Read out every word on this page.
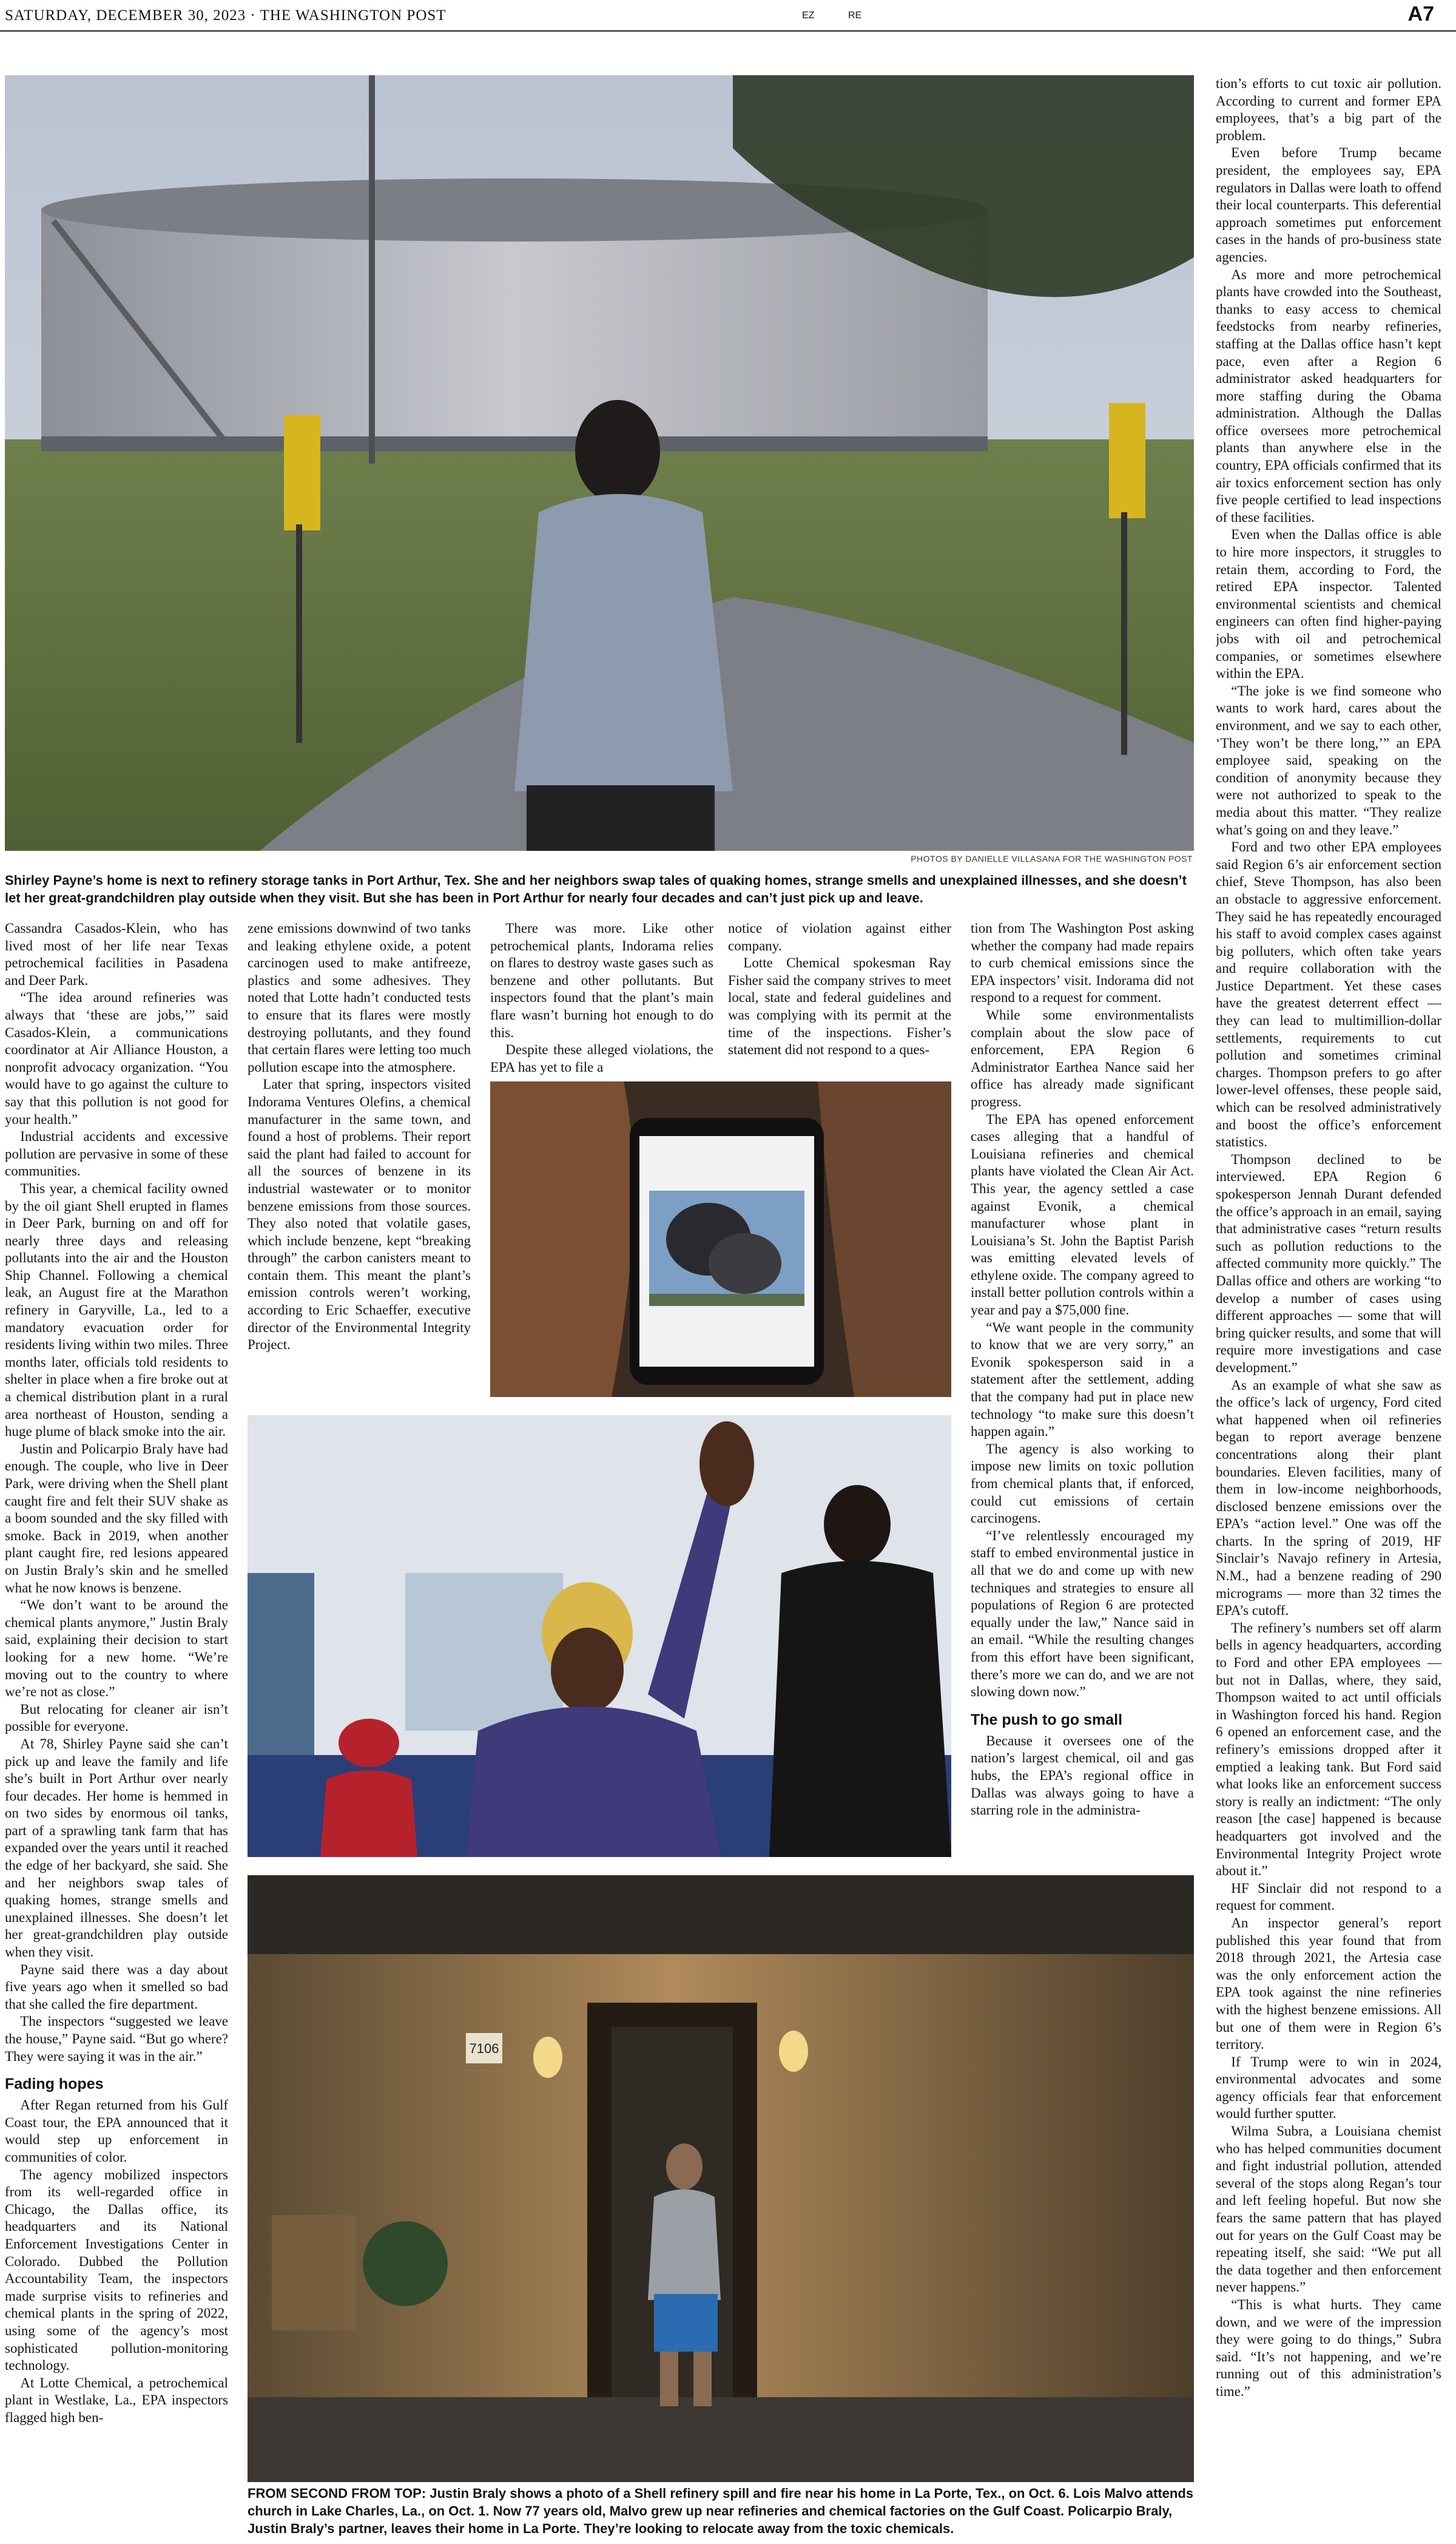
SATURDAY, DECEMBER 30, 2023 · THE WASHINGTON POST	EZ	RE	A7
PHOTOS BY DANIELLE VILLASANA FOR THE WASHINGTON POST
Shirley Payne’s home is next to refinery storage tanks in Port Arthur, Tex. She and her neighbors swap tales of quaking homes, strange smells and unexplained illnesses, and she doesn’t let her great-grandchildren play outside when they visit. But she has been in Port Arthur for nearly four decades and can’t just pick up and leave.
7106
FROM SECOND FROM TOP: Justin Braly shows a photo of a Shell refinery spill and fire near his home in La Porte, Tex., on Oct. 6. Lois Malvo attends church in Lake Charles, La., on Oct. 1. Now 77 years old, Malvo grew up near refineries and chemical factories on the Gulf Coast. Policarpio Braly, Justin Braly’s partner, leaves their home in La Porte. They’re looking to relocate away from the toxic chemicals.

Cassandra Casados-Klein, who has lived most of her life near Texas petrochemical facilities in Pasadena and Deer Park.

“The idea around refineries was always that ‘these are jobs,’” said Casados-Klein, a communications coordinator at Air Alliance Houston, a nonprofit advocacy organization. “You would have to go against the culture to say that this pollution is not good for your health.”

Industrial accidents and excessive pollution are pervasive in some of these communities.

This year, a chemical facility owned by the oil giant Shell erupted in flames in Deer Park, burning on and off for nearly three days and releasing pollutants into the air and the Houston Ship Channel. Following a chemical leak, an August fire at the Marathon refinery in Garyville, La., led to a mandatory evacuation order for residents living within two miles. Three months later, officials told residents to shelter in place when a fire broke out at a chemical distribution plant in a rural area northeast of Houston, sending a huge plume of black smoke into the air.

Justin and Policarpio Braly have had enough. The couple, who live in Deer Park, were driving when the Shell plant caught fire and felt their SUV shake as a boom sounded and the sky filled with smoke. Back in 2019, when another plant caught fire, red lesions appeared on Justin Braly’s skin and he smelled what he now knows is benzene.

“We don’t want to be around the chemical plants anymore,” Justin Braly said, explaining their decision to start looking for a new home. “We’re moving out to the country to where we’re not as close.”

But relocating for cleaner air isn’t possible for everyone.

At 78, Shirley Payne said she can’t pick up and leave the family and life she’s built in Port Arthur over nearly four decades. Her home is hemmed in on two sides by enormous oil tanks, part of a sprawling tank farm that has expanded over the years until it reached the edge of her backyard, she said. She and her neighbors swap tales of quaking homes, strange smells and unexplained illnesses. She doesn’t let her great-grandchildren play outside when they visit.

Payne said there was a day about five years ago when it smelled so bad that she called the fire department.

The inspectors “suggested we leave the house,” Payne said. “But go where? They were saying it was in the air.”

Fading hopes

After Regan returned from his Gulf Coast tour, the EPA announced that it would step up enforcement in communities of color.

The agency mobilized inspectors from its well-regarded office in Chicago, the Dallas office, its headquarters and its National Enforcement Investigations Center in Colorado. Dubbed the Pollution Accountability Team, the inspectors made surprise visits to refineries and chemical plants in the spring of 2022, using some of the agency’s most sophisticated pollution-monitoring technology.

At Lotte Chemical, a petrochemical plant in Westlake, La., EPA inspectors flagged high ben-

zene emissions downwind of two tanks and leaking ethylene oxide, a potent carcinogen used to make antifreeze, plastics and some adhesives. They noted that Lotte hadn’t conducted tests to ensure that its flares were mostly destroying pollutants, and they found that certain flares were letting too much pollution escape into the atmosphere.

Later that spring, inspectors visited Indorama Ventures Olefins, a chemical manufacturer in the same town, and found a host of problems. Their report said the plant had failed to account for all the sources of benzene in its industrial wastewater or to monitor benzene emissions from those sources. They also noted that volatile gases, which include benzene, kept “breaking through” the carbon canisters meant to contain them. This meant the plant’s emission controls weren’t working, according to Eric Schaeffer, executive director of the Environmental Integrity Project.

There was more. Like other petrochemical plants, Indorama relies on flares to destroy waste gases such as benzene and other pollutants. But inspectors found that the plant’s main flare wasn’t burning hot enough to do this.

Despite these alleged violations, the EPA has yet to file a

notice of violation against either company.

Lotte Chemical spokesman Ray Fisher said the company strives to meet local, state and federal guidelines and was complying with its permit at the time of the inspections. Fisher’s statement did not respond to a ques-

tion from The Washington Post asking whether the company had made repairs to curb chemical emissions since the EPA inspectors’ visit. Indorama did not respond to a request for comment.

While some environmentalists complain about the slow pace of enforcement, EPA Region 6 Administrator Earthea Nance said her office has already made significant progress.

The EPA has opened enforcement cases alleging that a handful of Louisiana refineries and chemical plants have violated the Clean Air Act. This year, the agency settled a case against Evonik, a chemical manufacturer whose plant in Louisiana’s St. John the Baptist Parish was emitting elevated levels of ethylene oxide. The company agreed to install better pollution controls within a year and pay a $75,000 fine.

“We want people in the community to know that we are very sorry,” an Evonik spokesperson said in a statement after the settlement, adding that the company had put in place new technology “to make sure this doesn’t happen again.”

The agency is also working to impose new limits on toxic pollution from chemical plants that, if enforced, could cut emissions of certain carcinogens.

“I’ve relentlessly encouraged my staff to embed environmental justice in all that we do and come up with new techniques and strategies to ensure all populations of Region 6 are protected equally under the law,” Nance said in an email. “While the resulting changes from this effort have been significant, there’s more we can do, and we are not slowing down now.”

The push to go small

Because it oversees one of the nation’s largest chemical, oil and gas hubs, the EPA’s regional office in Dallas was always going to have a starring role in the administra-

tion’s efforts to cut toxic air pollution. According to current and former EPA employees, that’s a big part of the problem.

Even before Trump became president, the employees say, EPA regulators in Dallas were loath to offend their local counterparts. This deferential approach sometimes put enforcement cases in the hands of pro-business state agencies.

As more and more petrochemical plants have crowded into the Southeast, thanks to easy access to chemical feedstocks from nearby refineries, staffing at the Dallas office hasn’t kept pace, even after a Region 6 administrator asked headquarters for more staffing during the Obama administration. Although the Dallas office oversees more petrochemical plants than anywhere else in the country, EPA officials confirmed that its air toxics enforcement section has only five people certified to lead inspections of these facilities.

Even when the Dallas office is able to hire more inspectors, it struggles to retain them, according to Ford, the retired EPA inspector. Talented environmental scientists and chemical engineers can often find higher-paying jobs with oil and petrochemical companies, or sometimes elsewhere within the EPA.

“The joke is we find someone who wants to work hard, cares about the environment, and we say to each other, ‘They won’t be there long,’” an EPA employee said, speaking on the condition of anonymity because they were not authorized to speak to the media about this matter. “They realize what’s going on and they leave.”

Ford and two other EPA employees said Region 6’s air enforcement section chief, Steve Thompson, has also been an obstacle to aggressive enforcement. They said he has repeatedly encouraged his staff to avoid complex cases against big polluters, which often take years and require collaboration with the Justice Department. Yet these cases have the greatest deterrent effect — they can lead to multimillion-dollar settlements, requirements to cut pollution and sometimes criminal charges. Thompson prefers to go after lower-level offenses, these people said, which can be resolved administratively and boost the office’s enforcement statistics.

Thompson declined to be interviewed. EPA Region 6 spokesperson Jennah Durant defended the office’s approach in an email, saying that administrative cases “return results such as pollution reductions to the affected community more quickly.” The Dallas office and others are working “to develop a number of cases using different approaches — some that will bring quicker results, and some that will require more investigations and case development.”

As an example of what she saw as the office’s lack of urgency, Ford cited what happened when oil refineries began to report average benzene concentrations along their plant boundaries. Eleven facilities, many of them in low-income neighborhoods, disclosed benzene emissions over the EPA’s “action level.” One was off the charts. In the spring of 2019, HF Sinclair’s Navajo refinery in Artesia, N.M., had a benzene reading of 290 micrograms — more than 32 times the EPA’s cutoff.

The refinery’s numbers set off alarm bells in agency headquarters, according to Ford and other EPA employees — but not in Dallas, where, they said, Thompson waited to act until officials in Washington forced his hand. Region 6 opened an enforcement case, and the refinery’s emissions dropped after it emptied a leaking tank. But Ford said what looks like an enforcement success story is really an indictment: “The only reason [the case] happened is because headquarters got involved and the Environmental Integrity Project wrote about it.”

HF Sinclair did not respond to a request for comment.

An inspector general’s report published this year found that from 2018 through 2021, the Artesia case was the only enforcement action the EPA took against the nine refineries with the highest benzene emissions. All but one of them were in Region 6’s territory.

If Trump were to win in 2024, environmental advocates and some agency officials fear that enforcement would further sputter.

Wilma Subra, a Louisiana chemist who has helped communities document and fight industrial pollution, attended several of the stops along Regan’s tour and left feeling hopeful. But now she fears the same pattern that has played out for years on the Gulf Coast may be repeating itself, she said: “We put all the data together and then enforcement never happens.”

“This is what hurts. They came down, and we were of the impression they were going to do things,” Subra said. “It’s not happening, and we’re running out of this administration’s time.”
